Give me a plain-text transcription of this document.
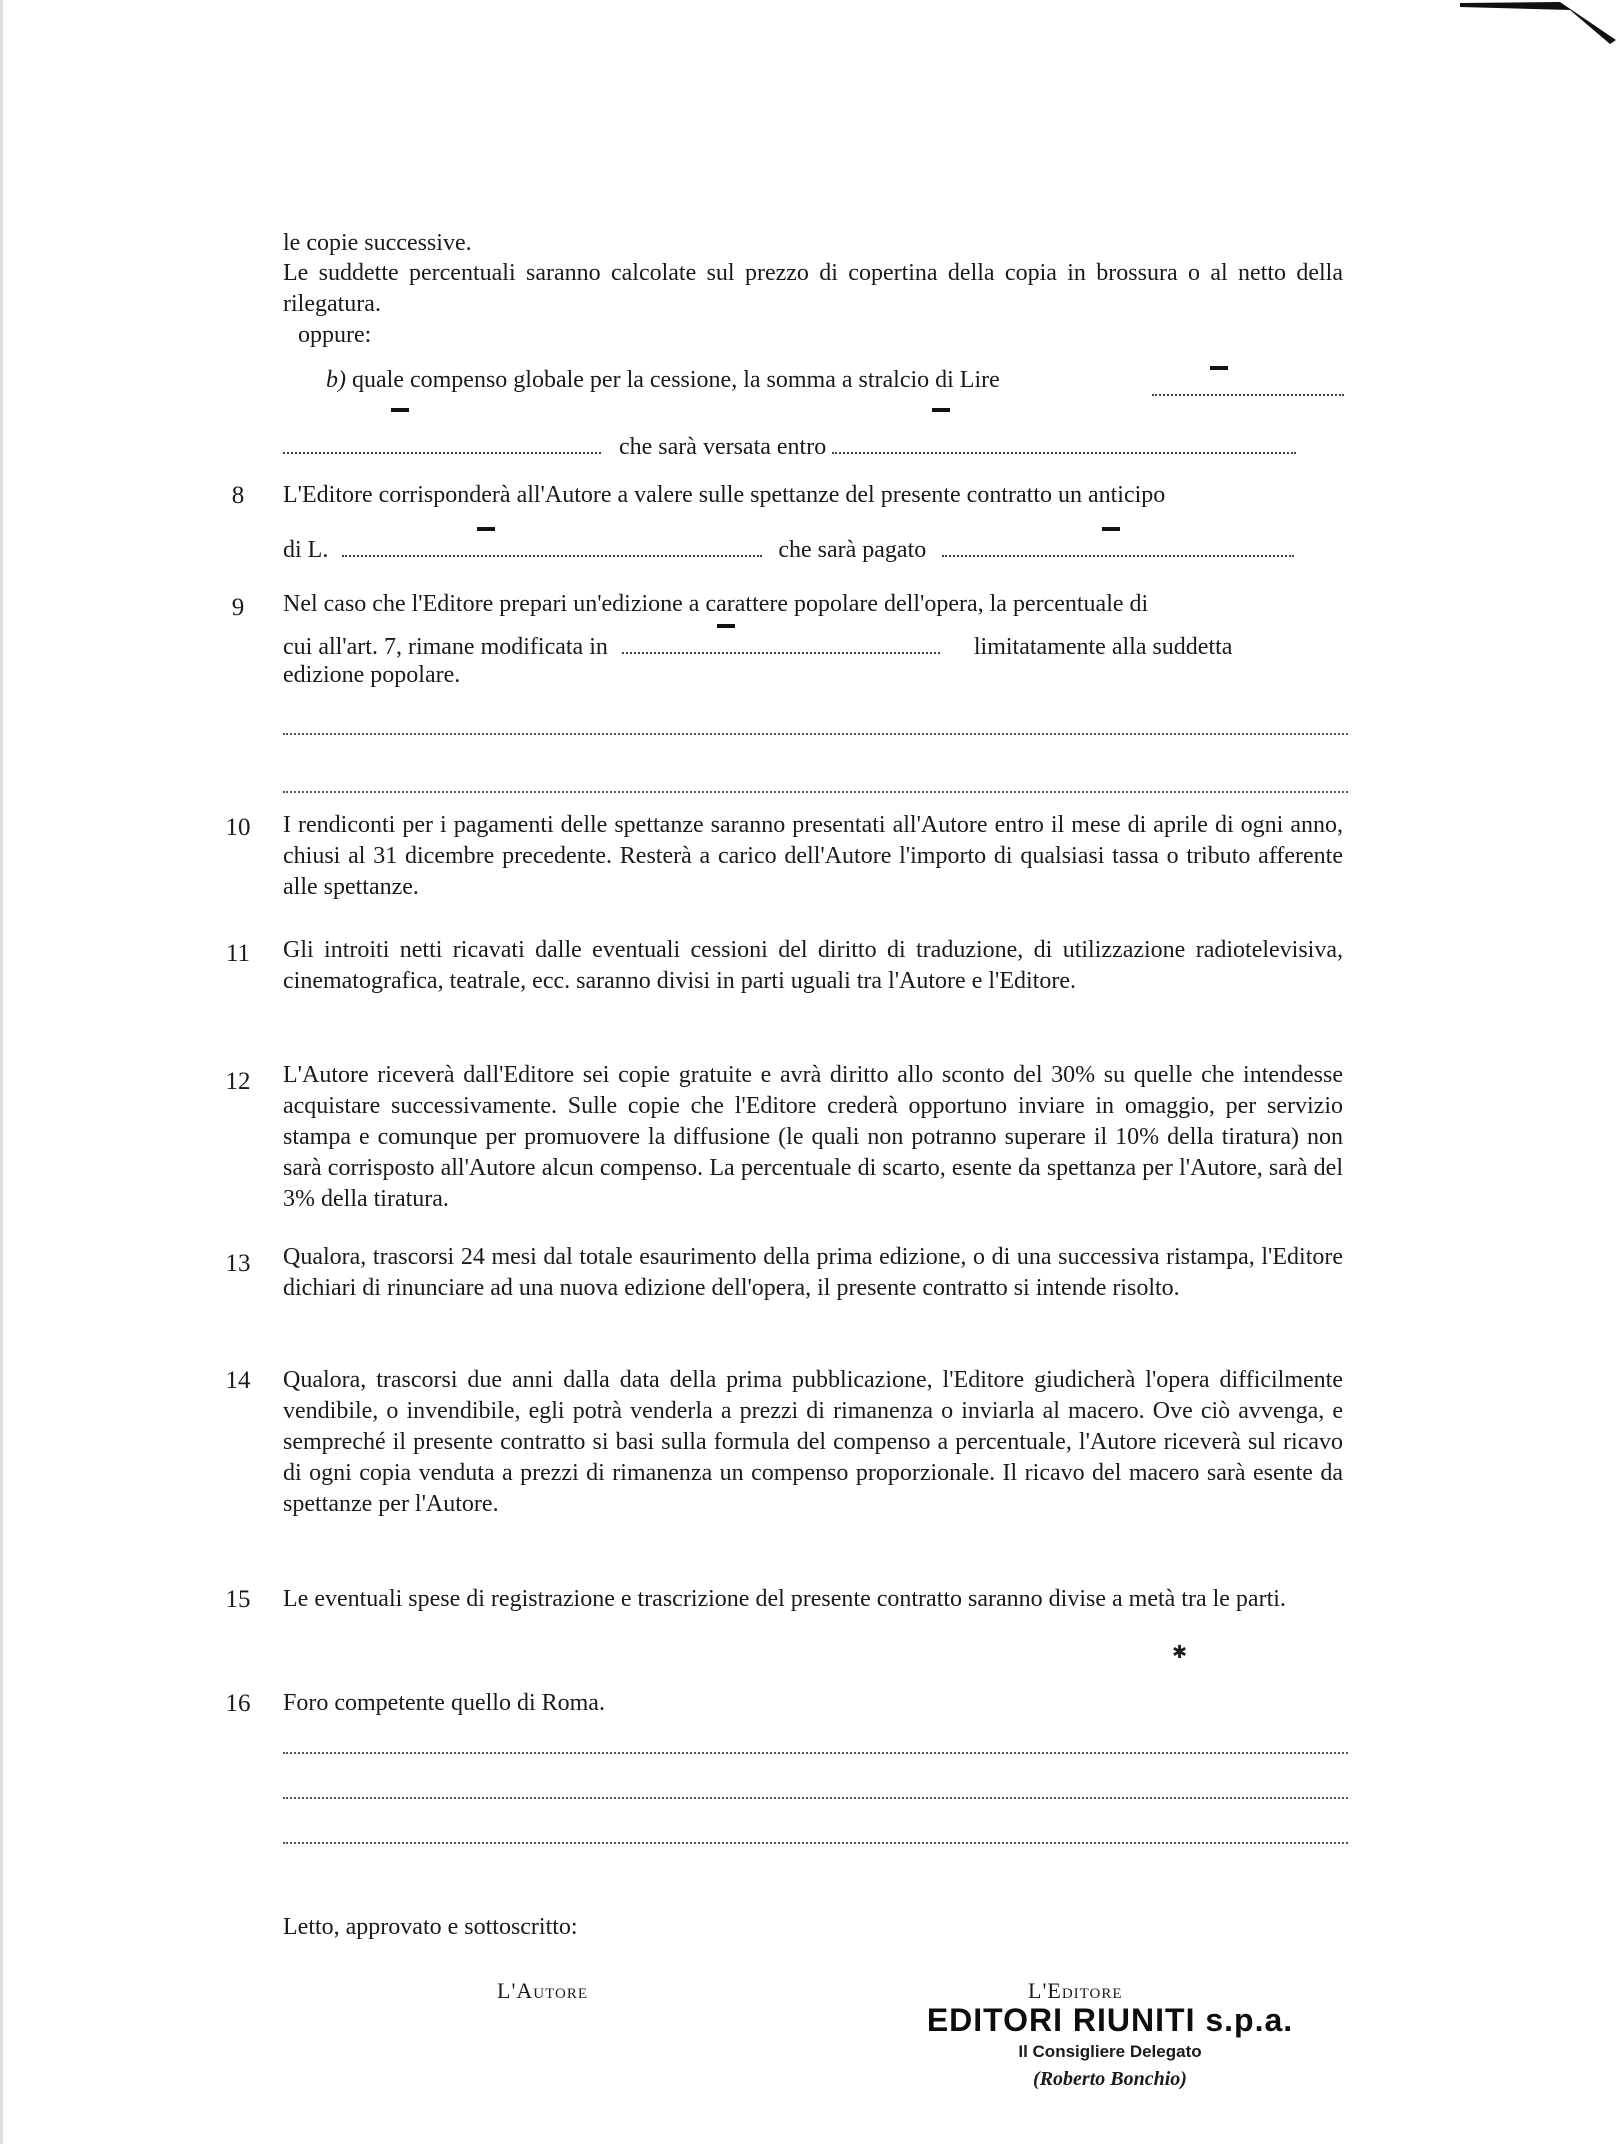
le copie successive.
Le suddette percentuali saranno calcolate sul prezzo di copertina della copia in brossura o al netto della rilegatura.
oppure:
b) quale compenso globale per la cessione, la somma a stralcio di Lire
che sarà versata entro
8	L'Editore corrisponderà all'Autore a valere sulle spettanze del presente contratto un anticipo
di L.	che sarà pagato
9	Nel caso che l'Editore prepari un'edizione a carattere popolare dell'opera, la percentuale di
cui all'art. 7, rimane modificata in	limitatamente alla suddetta
edizione popolare.
10	I rendiconti per i pagamenti delle spettanze saranno presentati all'Autore entro il mese di aprile di ogni anno, chiusi al 31 dicembre precedente. Resterà a carico dell'Autore l'importo di qualsiasi tassa o tributo afferente alle spettanze.
11	Gli introiti netti ricavati dalle eventuali cessioni del diritto di traduzione, di utilizzazione radiotelevisiva, cinematografica, teatrale, ecc. saranno divisi in parti uguali tra l'Autore e l'Editore.
12	L'Autore riceverà dall'Editore sei copie gratuite e avrà diritto allo sconto del 30% su quelle che intendesse acquistare successivamente. Sulle copie che l'Editore crederà opportuno inviare in omaggio, per servizio stampa e comunque per promuovere la diffusione (le quali non potranno superare il 10% della tiratura) non sarà corrisposto all'Autore alcun compenso. La percentuale di scarto, esente da spettanza per l'Autore, sarà del 3% della tiratura.
13	Qualora, trascorsi 24 mesi dal totale esaurimento della prima edizione, o di una successiva ristampa, l'Editore dichiari di rinunciare ad una nuova edizione dell'opera, il presente contratto si intende risolto.
14	Qualora, trascorsi due anni dalla data della prima pubblicazione, l'Editore giudicherà l'opera difficilmente vendibile, o invendibile, egli potrà venderla a prezzi di rimanenza o inviarla al macero. Ove ciò avvenga, e sempreché il presente contratto si basi sulla formula del compenso a percentuale, l'Autore riceverà sul ricavo di ogni copia venduta a prezzi di rimanenza un compenso proporzionale. Il ricavo del macero sarà esente da spettanze per l'Autore.
15	Le eventuali spese di registrazione e trascrizione del presente contratto saranno divise a metà tra le parti.
✱
16	Foro competente quello di Roma.
Letto, approvato e sottoscritto:
L'Autore	L'Editore
EDITORI RIUNITI s.p.a.
Il Consigliere Delegato
(Roberto Bonchio)
